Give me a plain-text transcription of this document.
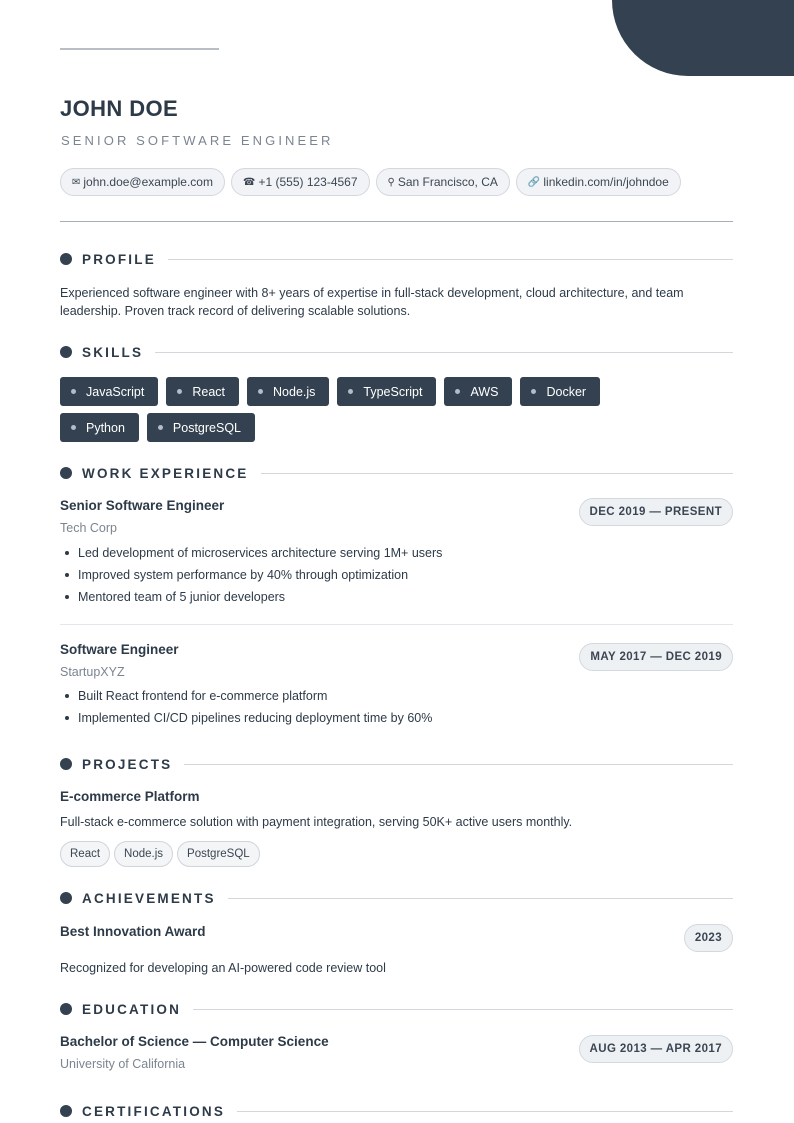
JOHN DOE
SENIOR SOFTWARE ENGINEER
✉ john.doe@example.com	☎ +1 (555) 123-4567	⚲ San Francisco, CA	🔗 linkedin.com/in/johndoe
PROFILE
Experienced software engineer with 8+ years of expertise in full-stack development, cloud architecture, and team leadership. Proven track record of delivering scalable solutions.
SKILLS
JavaScript	React	Node.js	TypeScript	AWS	Docker
Python	PostgreSQL
WORK EXPERIENCE
Senior Software Engineer
Tech Corp
DEC 2019 — PRESENT
Led development of microservices architecture serving 1M+ users
Improved system performance by 40% through optimization
Mentored team of 5 junior developers
Software Engineer
StartupXYZ
MAY 2017 — DEC 2019
Built React frontend for e-commerce platform
Implemented CI/CD pipelines reducing deployment time by 60%
PROJECTS
E-commerce Platform
Full-stack e-commerce solution with payment integration, serving 50K+ active users monthly.
React	Node.js	PostgreSQL
ACHIEVEMENTS
Best Innovation Award	2023
Recognized for developing an AI-powered code review tool
EDUCATION
Bachelor of Science — Computer Science
University of California
AUG 2013 — APR 2017
CERTIFICATIONS
